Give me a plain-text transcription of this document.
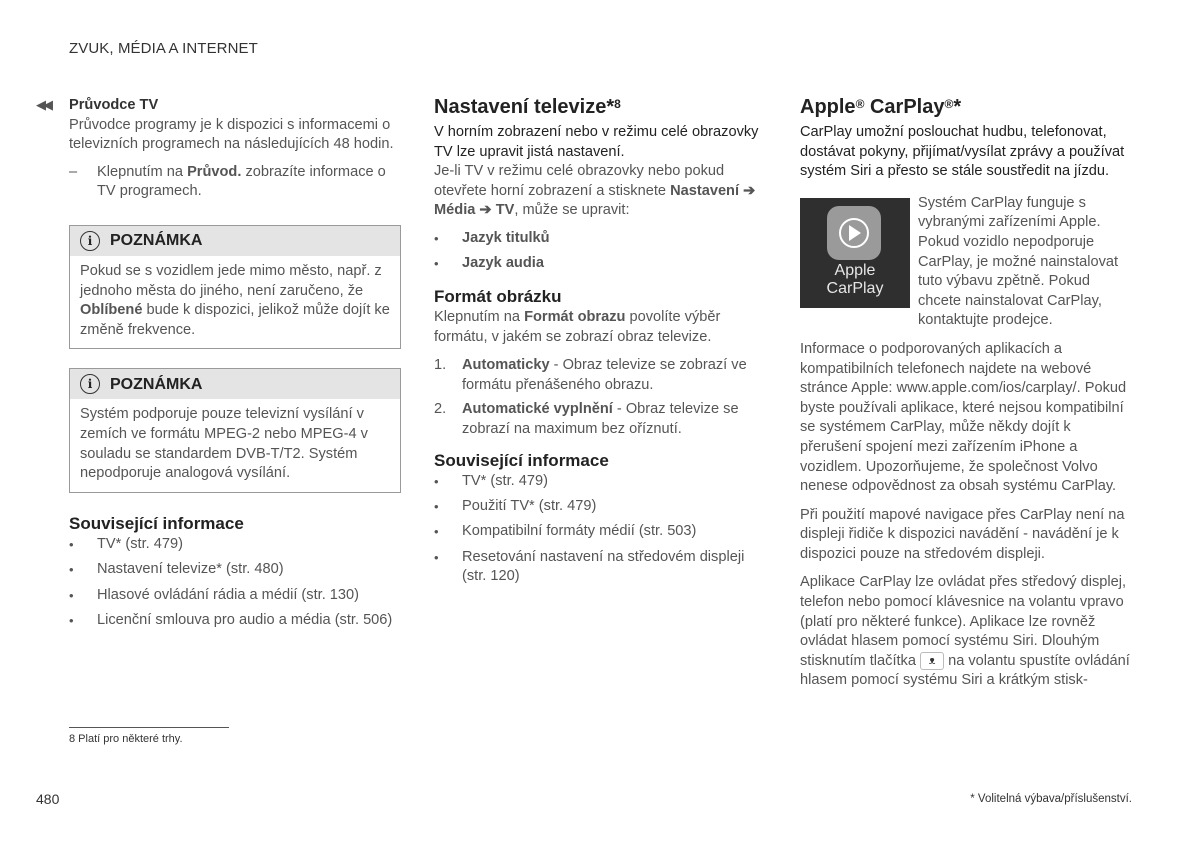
ZVUK, MÉDIA A INTERNET
◀◀ Průvodce TV

Průvodce programy je k dispozici s informacemi o televizních programech na následujících 48 hodin.

–	Klepnutím na Průvod. zobrazíte informace o TV programech.
i	POZNÁMKA
Pokud se s vozidlem jede mimo město, např. z jednoho města do jiného, není zaručeno, že Oblíbené bude k dispozici, jelikož může dojít ke změně frekvence.
i	POZNÁMKA
Systém podporuje pouze televizní vysílání v zemích ve formátu MPEG-2 nebo MPEG-4 v souladu se standardem DVB-T/T2. Systém nepodporuje analogová vysílání.
Související informace
•	TV* (str. 479)
•	Nastavení televize* (str. 480)
•	Hlasové ovládání rádia a médií (str. 130)
•	Licenční smlouva pro audio a média (str. 506)
Nastavení televize*$^8$

V horním zobrazení nebo v režimu celé obrazovky TV lze upravit jistá nastavení.

Je-li TV v režimu celé obrazovky nebo pokud otevřete horní zobrazení a stisknete Nastavení ➔ Média ➔ TV, může se upravit:

•	Jazyk titulků
•	Jazyk audia
Formát obrázku

Klepnutím na Formát obrazu povolíte výběr formátu, v jakém se zobrazí obraz televize.

1.	Automaticky - Obraz televize se zobrazí ve formátu přenášeného obrazu.
2.	Automatické vyplnění - Obraz televize se zobrazí na maximum bez oříznutí.
Související informace
•	TV* (str. 479)
•	Použití TV* (str. 479)
•	Kompatibilní formáty médií (str. 503)
•	Resetování nastavení na středovém displeji (str. 120)
Apple® CarPlay®*

CarPlay umožní poslouchat hudbu, telefonovat, dostávat pokyny, přijímat/vysílat zprávy a používat systém Siri a přesto se stále soustředit na jízdu.

Apple
CarPlay

Systém CarPlay funguje s vybranými zařízeními Apple. Pokud vozidlo nepodporuje CarPlay, je možné nainstalovat tuto výbavu zpětně. Pokud chcete nainstalovat CarPlay, kontaktujte prodejce.

Informace o podporovaných aplikacích a kompatibilních telefonech najdete na webové stránce Apple: www.apple.com/ios/carplay/. Pokud byste používali aplikace, které nejsou kompatibilní se systémem CarPlay, může někdy dojít k přerušení spojení mezi zařízením iPhone a vozidlem. Upozorňujeme, že společnost Volvo nenese odpovědnost za obsah systému CarPlay.

Při použití mapové navigace přes CarPlay není na displeji řidiče k dispozici navádění - navádění je k dispozici pouze na středovém displeji.

Aplikace CarPlay lze ovládat přes středový displej, telefon nebo pomocí klávesnice na volantu vpravo (platí pro některé funkce). Aplikace lze rovněž ovládat hlasem pomocí systému Siri. Dlouhým stisknutím tlačítka ᴥ na volantu spustíte ovládání hlasem pomocí systému Siri a krátkým stisk-

8 Platí pro některé trhy.
480	* Volitelná výbava/příslušenství.
